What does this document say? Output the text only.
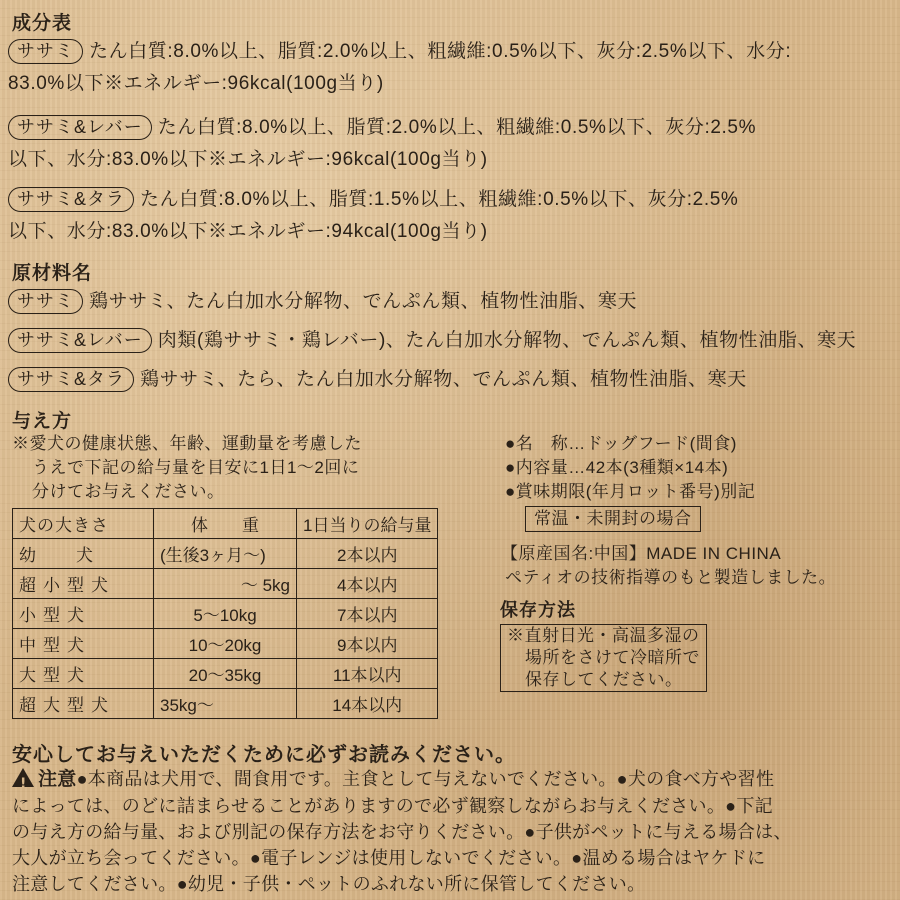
成分表
ササミ たん白質:8.0%以上、脂質:2.0%以上、粗繊維:0.5%以下、灰分:2.5%以下、水分:
83.0%以下※エネルギー:96kcal(100g当り)
ササミ&レバー たん白質:8.0%以上、脂質:2.0%以上、粗繊維:0.5%以下、灰分:2.5%
以下、水分:83.0%以下※エネルギー:96kcal(100g当り)
ササミ&タラ たん白質:8.0%以上、脂質:1.5%以上、粗繊維:0.5%以下、灰分:2.5%
以下、水分:83.0%以下※エネルギー:94kcal(100g当り)
原材料名
ササミ 鶏ササミ、たん白加水分解物、でんぷん類、植物性油脂、寒天
ササミ&レバー 肉類(鶏ササミ・鶏レバー)、たん白加水分解物、でんぷん類、植物性油脂、寒天
ササミ&タラ 鶏ササミ、たら、たん白加水分解物、でんぷん類、植物性油脂、寒天
与え方
※愛犬の健康状態、年齢、運動量を考慮した
うえで下記の給与量を目安に1日1〜2回に
分けてお与えください。
犬の大きさ	体　　重	1日当りの給与量
幼犬	(生後3ヶ月〜)	2本以内
超小型犬	〜 5kg	4本以内
小型犬	5〜10kg	7本以内
中型犬	10〜20kg	9本以内
大型犬	20〜35kg	11本以内
超大型犬	35kg〜	14本以内
●名　称…ドッグフード(間食)
●内容量…42本(3種類×14本)
●賞味期限(年月ロット番号)別記
常温・未開封の場合
【原産国名:中国】MADE IN CHINA
ペティオの技術指導のもと製造しました。
保存方法
※直射日光・高温多湿の
場所をさけて冷暗所で
保存してください。
安心してお与えいただくために必ずお読みください。
!注意●本商品は犬用で、間食用です。主食として与えないでください。●犬の食べ方や習性
によっては、のどに詰まらせることがありますので必ず観察しながらお与えください。●下記
の与え方の給与量、および別記の保存方法をお守りください。●子供がペットに与える場合は、
大人が立ち会ってください。●電子レンジは使用しないでください。●温める場合はヤケドに
注意してください。●幼児・子供・ペットのふれない所に保管してください。
